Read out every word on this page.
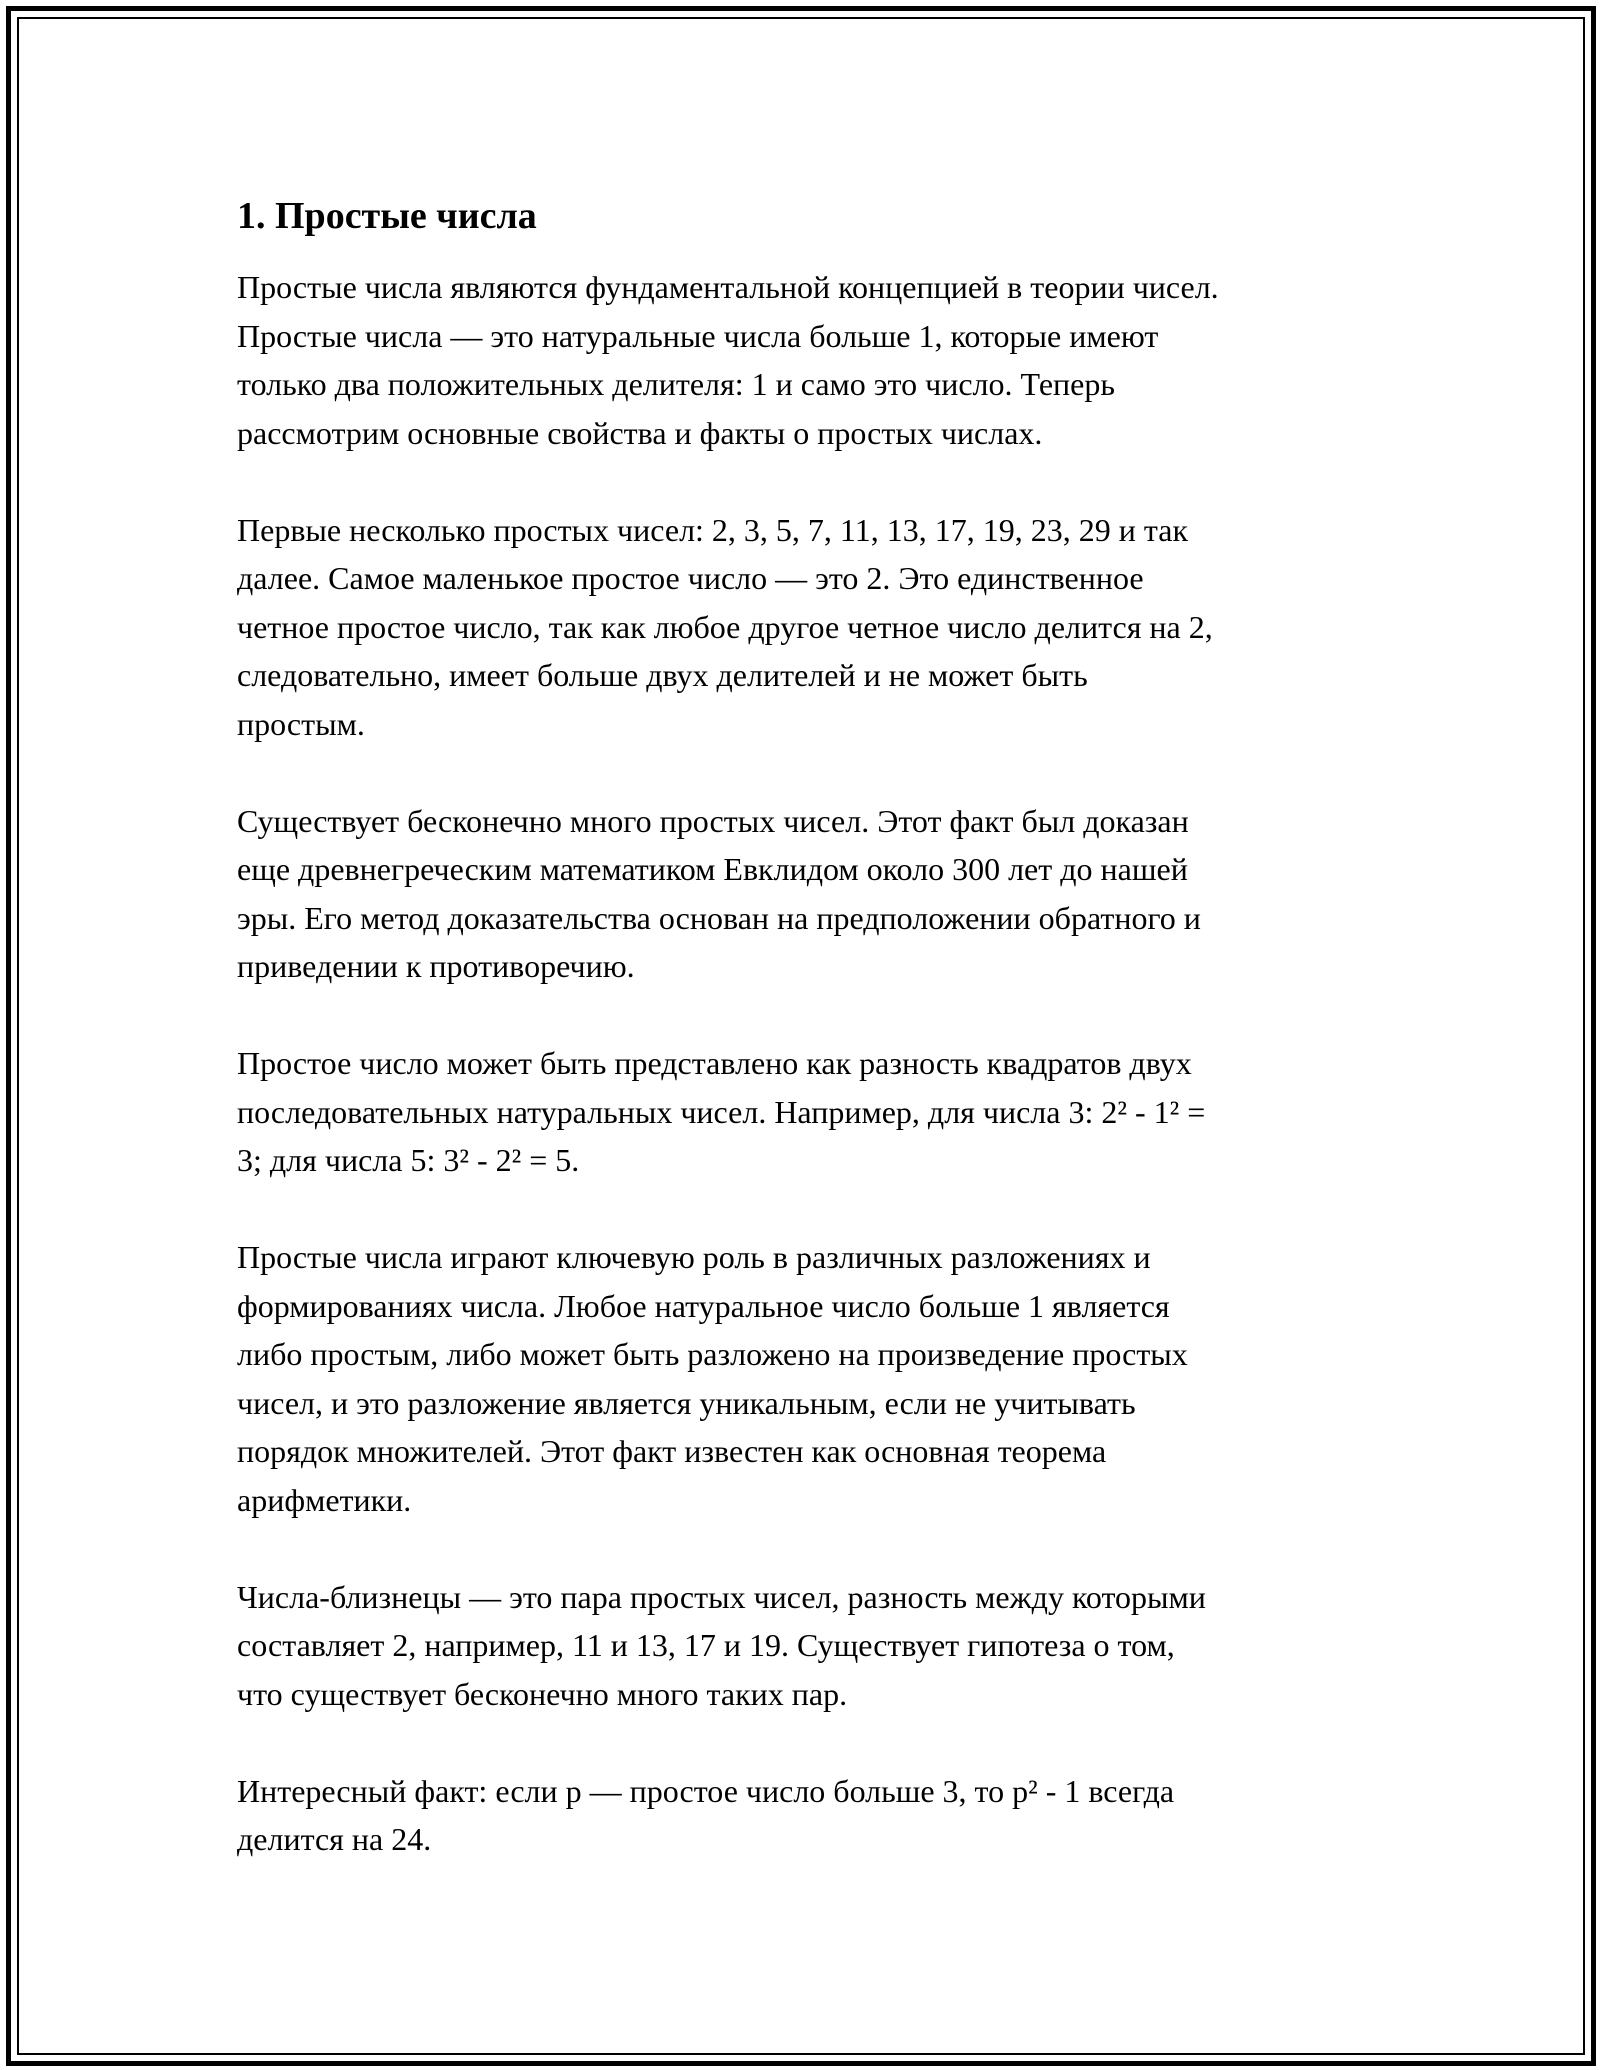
1. Простые числа

Простые числа являются фундаментальной концепцией в теории чисел.
Простые числа — это натуральные числа больше 1, которые имеют
только два положительных делителя: 1 и само это число. Теперь
рассмотрим основные свойства и факты о простых числах.

Первые несколько простых чисел: 2, 3, 5, 7, 11, 13, 17, 19, 23, 29 и так
далее. Самое маленькое простое число — это 2. Это единственное
четное простое число, так как любое другое четное число делится на 2,
следовательно, имеет больше двух делителей и не может быть
простым.

Существует бесконечно много простых чисел. Этот факт был доказан
еще древнегреческим математиком Евклидом около 300 лет до нашей
эры. Его метод доказательства основан на предположении обратного и
приведении к противоречию.

Простое число может быть представлено как разность квадратов двух
последовательных натуральных чисел. Например, для числа 3: 2² - 1² =
3; для числа 5: 3² - 2² = 5.

Простые числа играют ключевую роль в различных разложениях и
формированиях числа. Любое натуральное число больше 1 является
либо простым, либо может быть разложено на произведение простых
чисел, и это разложение является уникальным, если не учитывать
порядок множителей. Этот факт известен как основная теорема
арифметики.

Числа-близнецы — это пара простых чисел, разность между которыми
составляет 2, например, 11 и 13, 17 и 19. Существует гипотеза о том,
что существует бесконечно много таких пар.

Интересный факт: если p — простое число больше 3, то p² - 1 всегда
делится на 24.
